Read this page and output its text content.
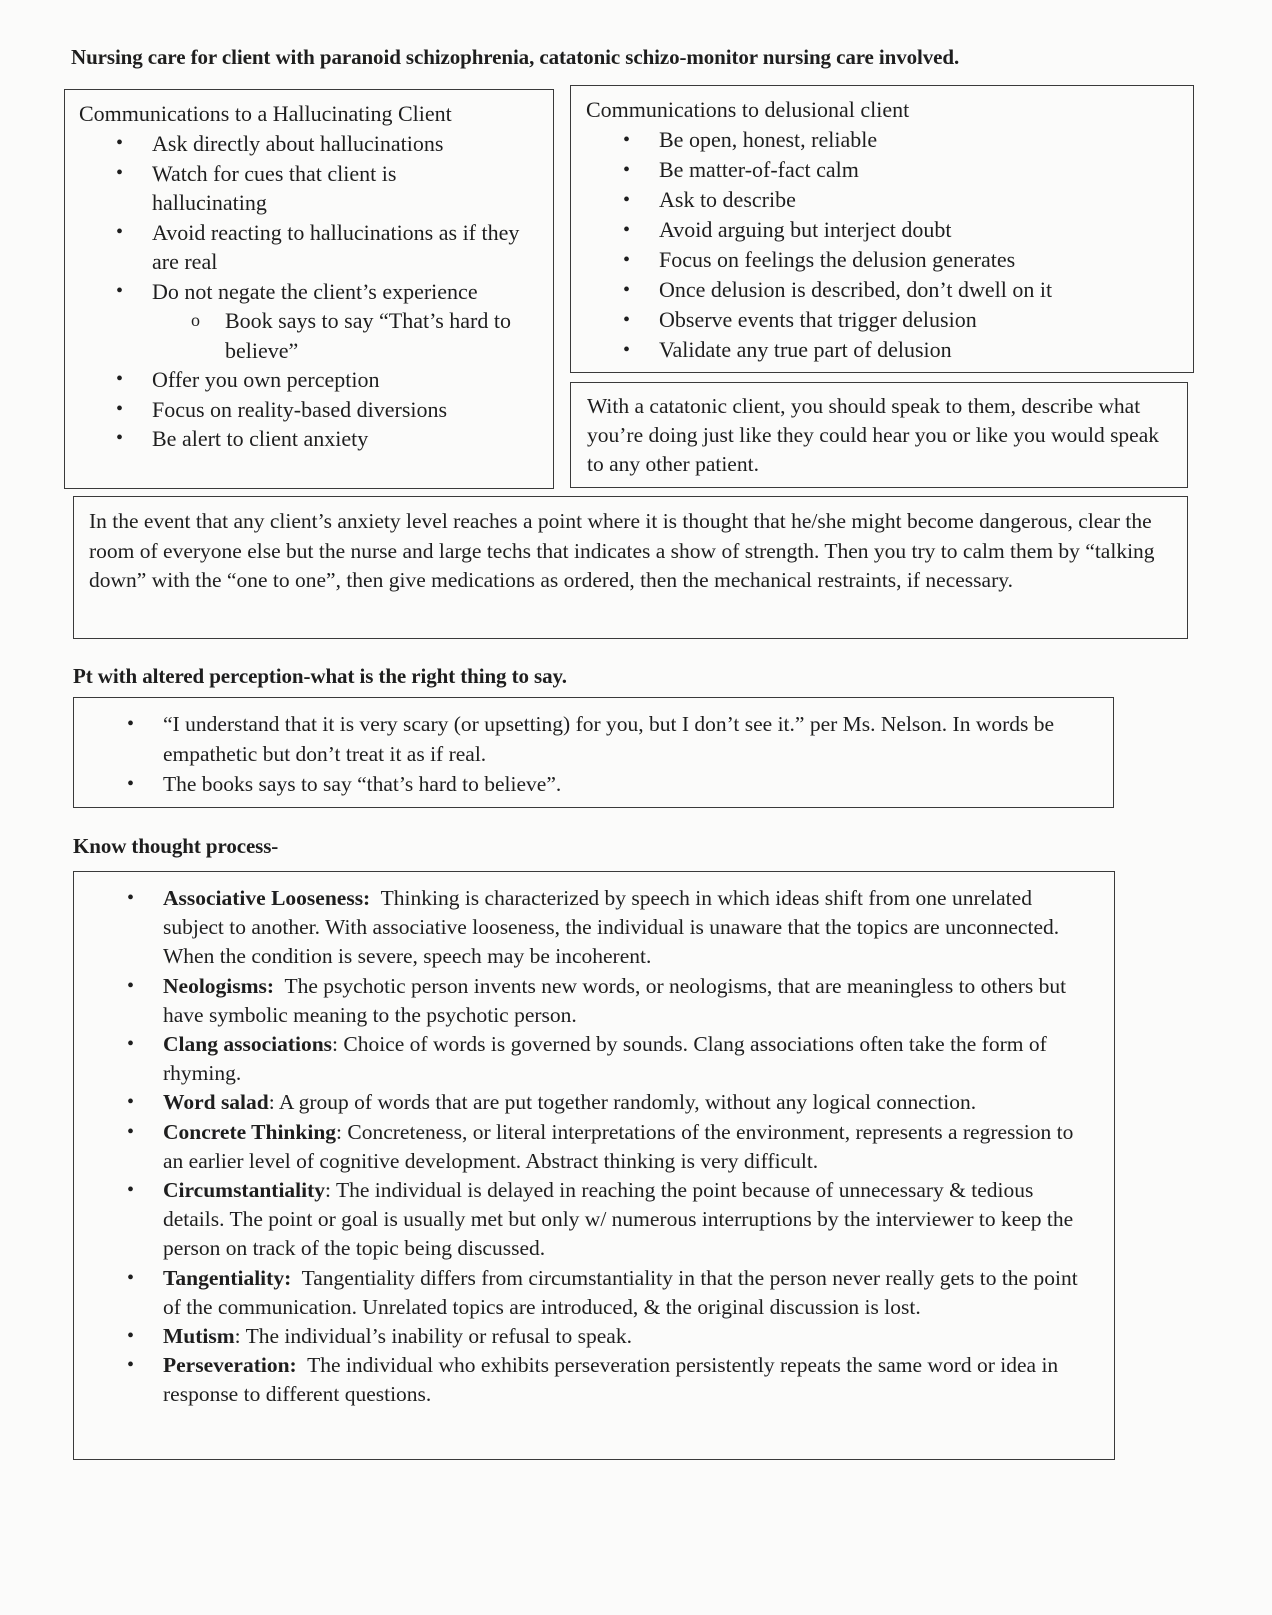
Nursing care for client with paranoid schizophrenia, catatonic schizo-monitor nursing care involved.
Communications to a Hallucinating Client
• Ask directly about hallucinations
• Watch for cues that client is hallucinating
• Avoid reacting to hallucinations as if they are real
• Do not negate the client’s experience
o Book says to say “That’s hard to believe”
• Offer you own perception
• Focus on reality-based diversions
• Be alert to client anxiety
Communications to delusional client
• Be open, honest, reliable
• Be matter-of-fact calm
• Ask to describe
• Avoid arguing but interject doubt
• Focus on feelings the delusion generates
• Once delusion is described, don’t dwell on it
• Observe events that trigger delusion
• Validate any true part of delusion
With a catatonic client, you should speak to them, describe what you’re doing just like they could hear you or like you would speak to any other patient.
In the event that any client’s anxiety level reaches a point where it is thought that he/she might become dangerous, clear the room of everyone else but the nurse and large techs that indicates a show of strength. Then you try to calm them by “talking down” with the “one to one”, then give medications as ordered, then the mechanical restraints, if necessary.
Pt with altered perception-what is the right thing to say.
• “I understand that it is very scary (or upsetting) for you, but I don’t see it.” per Ms. Nelson. In words be empathetic but don’t treat it as if real.
• The books says to say “that’s hard to believe”.
Know thought process-
• Associative Looseness: Thinking is characterized by speech in which ideas shift from one unrelated subject to another. With associative looseness, the individual is unaware that the topics are unconnected. When the condition is severe, speech may be incoherent.
• Neologisms: The psychotic person invents new words, or neologisms, that are meaningless to others but have symbolic meaning to the psychotic person.
• Clang associations: Choice of words is governed by sounds. Clang associations often take the form of rhyming.
• Word salad: A group of words that are put together randomly, without any logical connection.
• Concrete Thinking: Concreteness, or literal interpretations of the environment, represents a regression to an earlier level of cognitive development. Abstract thinking is very difficult.
• Circumstantiality: The individual is delayed in reaching the point because of unnecessary & tedious details. The point or goal is usually met but only w/ numerous interruptions by the interviewer to keep the person on track of the topic being discussed.
• Tangentiality: Tangentiality differs from circumstantiality in that the person never really gets to the point of the communication. Unrelated topics are introduced, & the original discussion is lost.
• Mutism: The individual’s inability or refusal to speak.
• Perseveration: The individual who exhibits perseveration persistently repeats the same word or idea in response to different questions.
